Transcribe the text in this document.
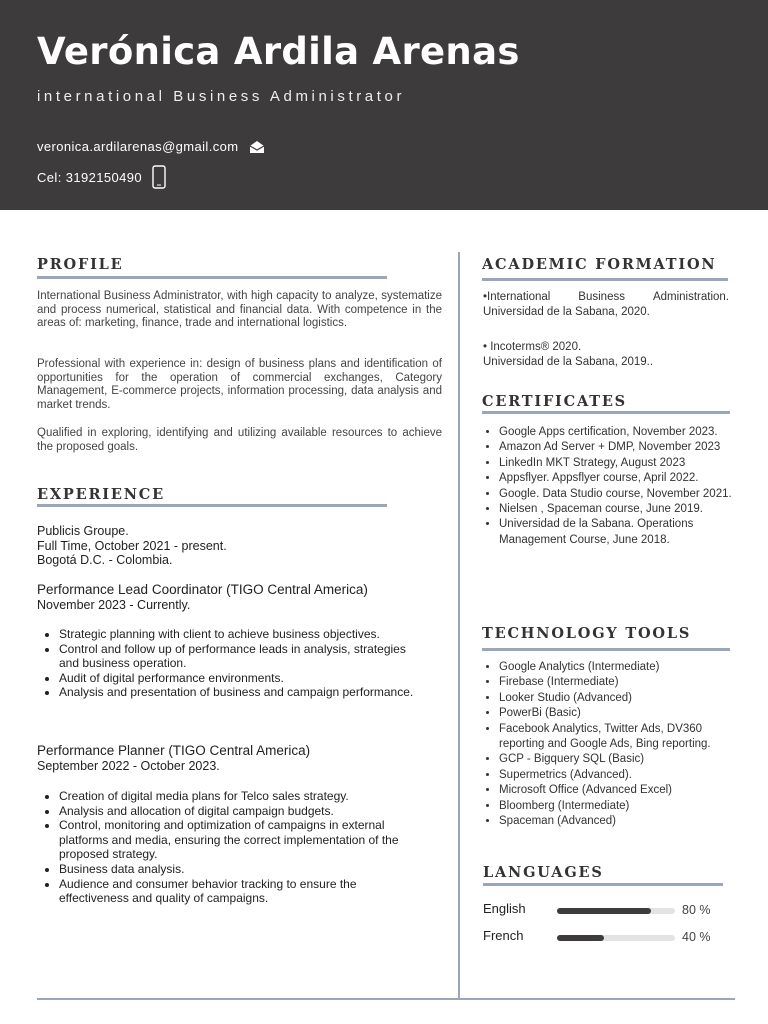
Verónica Ardila Arenas
international Business Administrator
veronica.ardilarenas@gmail.com
Cel: 3192150490
PROFILE

International Business Administrator, with high capacity to analyze, systematize and process numerical, statistical and financial data. With competence in the areas of: marketing, finance, trade and international logistics.

Professional with experience in: design of business plans and identification of opportunities for the operation of commercial exchanges, Category Management, E-commerce projects, information processing, data analysis and market trends.

Qualified in exploring, identifying and utilizing available resources to achieve the proposed goals.

EXPERIENCE
Publicis Groupe.
Full Time, October 2021 - present.
Bogotá D.C. - Colombia.
Performance Lead Coordinator (TIGO Central America)
November 2023 - Currently.
• Strategic planning with client to achieve business objectives.
• Control and follow up of performance leads in analysis, strategies and business operation.
• Audit of digital performance environments.
• Analysis and presentation of business and campaign performance.
Performance Planner (TIGO Central America)
September 2022 - October 2023.
• Creation of digital media plans for Telco sales strategy.
• Analysis and allocation of digital campaign budgets.
• Control, monitoring and optimization of campaigns in external platforms and media, ensuring the correct implementation of the proposed strategy.
• Business data analysis.
• Audience and consumer behavior tracking to ensure the effectiveness and quality of campaigns.
ACADEMIC FORMATION
•International Business Administration.
Universidad de la Sabana, 2020.
• Incoterms® 2020.
Universidad de la Sabana, 2019..
CERTIFICATES
• Google Apps certification, November 2023.
• Amazon Ad Server + DMP, November 2023
• LinkedIn MKT Strategy, August 2023
• Appsflyer. Appsflyer course, April 2022.
• Google. Data Studio course, November 2021.
• Nielsen , Spaceman course, June 2019.
• Universidad de la Sabana. Operations Management Course, June 2018.
TECHNOLOGY TOOLS
• Google Analytics (Intermediate)
• Firebase (Intermediate)
• Looker Studio (Advanced)
• PowerBi (Basic)
• Facebook Analytics, Twitter Ads, DV360 reporting and Google Ads, Bing reporting.
• GCP - Bigquery SQL (Basic)
• Supermetrics (Advanced).
• Microsoft Office (Advanced Excel)
• Bloomberg (Intermediate)
• Spaceman (Advanced)
LANGUAGES
English	80 %
French	40 %
